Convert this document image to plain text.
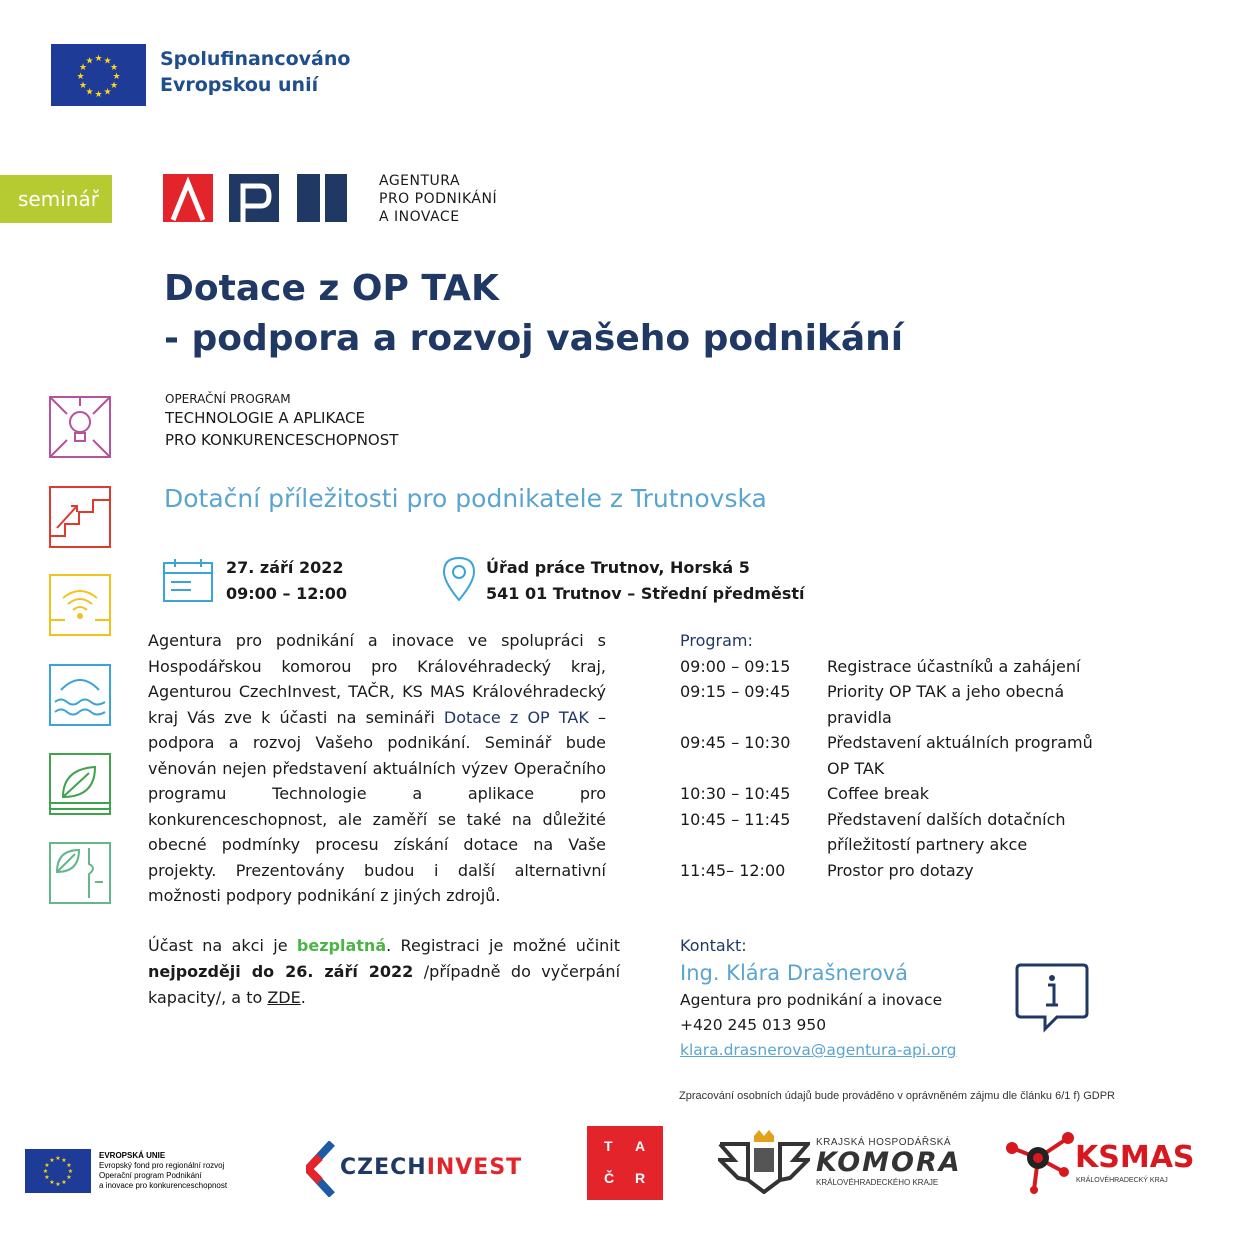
★ ★
★
★
★
★
★
★
★
★
★
★	Spolufinancováno
Evropskou unií
seminář
AGENTURA
PRO PODNIKÁNÍ
A INOVACE
Dotace z OP TAK
- podpora a rozvoj vašeho podnikání
OPERAČNÍ PROGRAM
TECHNOLOGIE A APLIKACE
PRO KONKURENCESCHOPNOST
Dotační příležitosti pro podnikatele z Trutnovska
27. září 2022
09:00 – 12:00
Úřad práce Trutnov, Horská 5
541 01 Trutnov – Střední předměstí
Agentura pro podnikání a inovace ve spolupráci s Hospodářskou komorou pro Královéhradecký kraj, Agenturou CzechInvest, TAČR, KS MAS Královéhradecký kraj Vás zve k účasti na semináři Dotace z OP TAK – podpora a rozvoj Vašeho podnikání. Seminář bude věnován nejen představení aktuálních výzev Operačního programu Technologie a aplikace pro konkurenceschopnost, ale zaměří se také na důležité obecné podmínky procesu získání dotace na Vaše projekty. Prezentovány budou i další alternativní možnosti podpory podnikání z jiných zdrojů.
Účast na akci je bezplatná. Registraci je možné učinit nejpozději do 26. září 2022 /případně do vyčerpání kapacity/, a to ZDE.
Program:
09:00 – 09:15	Registrace účastníků a zahájení
09:15 – 09:45	Priority OP TAK a jeho obecná pravidla
09:45 – 10:30	Představení aktuálních programů OP TAK
10:30 – 10:45	Coffee break
10:45 – 11:45	Představení dalších dotačních příležitostí partnery akce
11:45– 12:00	Prostor pro dotazy
Kontakt:
Ing. Klára Drašnerová
Agentura pro podnikání a inovace
+420 245 013 950
klara.drasnerova@agentura-api.org
Zpracování osobních údajů bude prováděno v oprávněném zájmu dle článku 6/1 f) GDPR
★ ★
★
★
★
★
★
★
★
★
★
★
EVROPSKÁ UNIE
Evropský fond pro regionální rozvoj
Operační program Podnikání
a inovace pro konkurenceschopnost
CZECHINVEST
T A
Č R
KRAJSKÁ HOSPODÁŘSKÁ
KOMORA
KRÁLOVÉHRADECKÉHO KRAJE
KSMAS
KRÁLOVÉHRADECKÝ KRAJ
